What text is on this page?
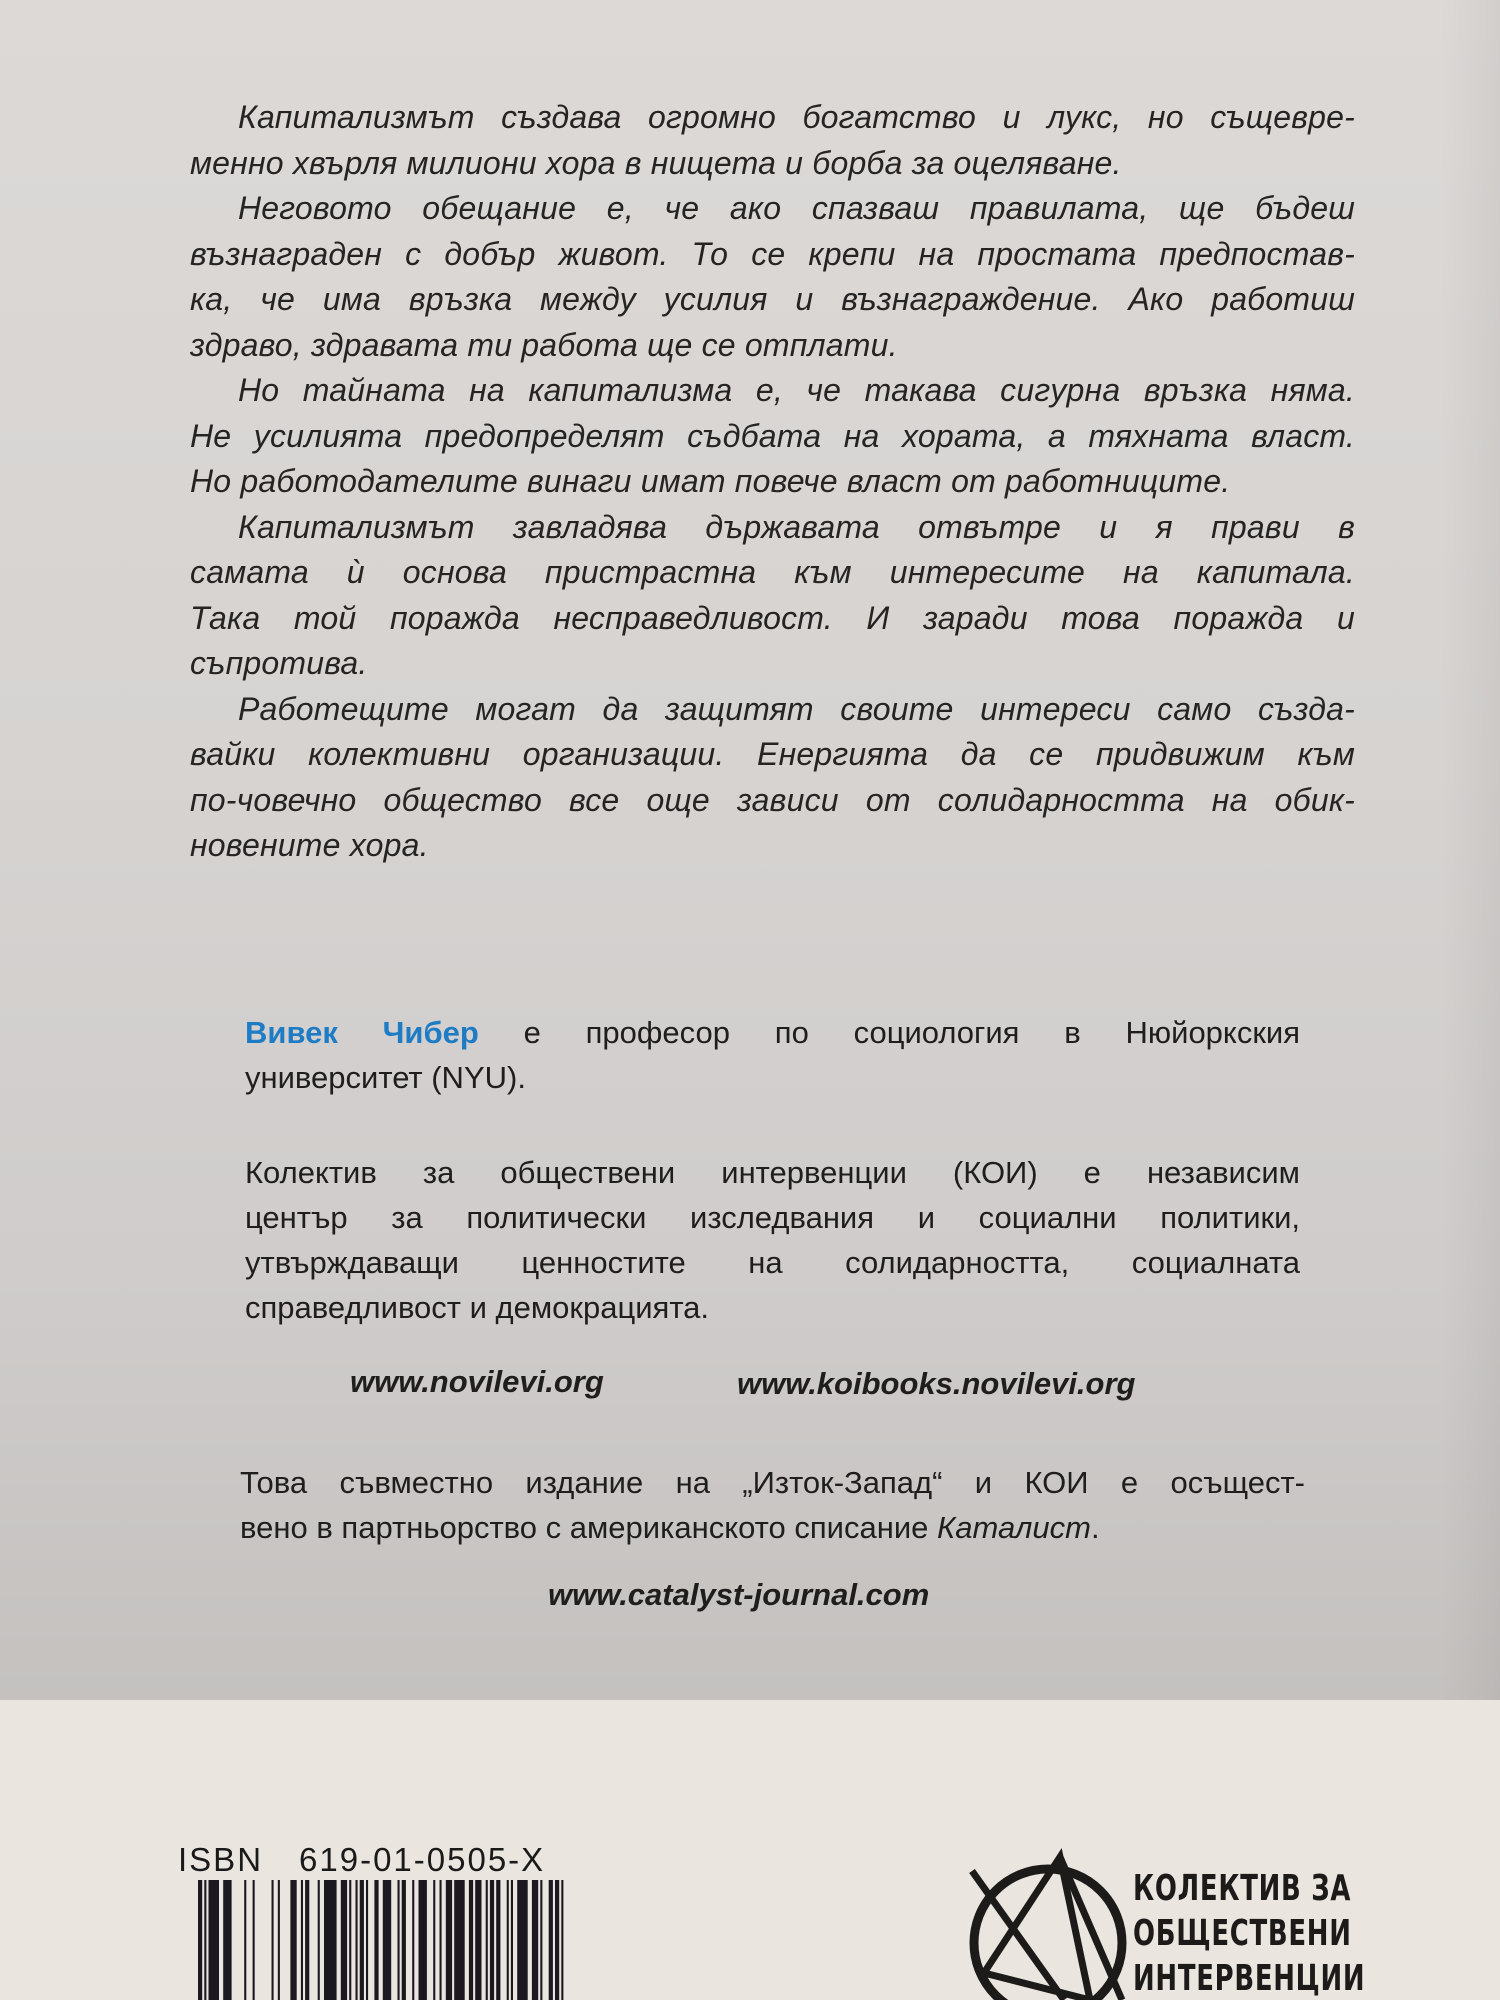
Капитализмът създава огромно богатство и лукс, но същевре-
менно хвърля милиони хора в нищета и борба за оцеляване.
Неговото обещание е, че ако спазваш правилата, ще бъдеш
възнаграден с добър живот. То се крепи на простата предпостав-
ка, че има връзка между усилия и възнаграждение. Ако работиш
здраво, здравата ти работа ще се отплати.
Но тайната на капитализма е, че такава сигурна връзка няма.
Не усилията предопределят съдбата на хората, а тяхната власт.
Но работодателите винаги имат повече власт от работниците.
Капитализмът завладява държавата отвътре и я прави в
самата ѝ основа пристрастна към интересите на капитала.
Така той поражда несправедливост. И заради това поражда и
съпротива.
Работещите могат да защитят своите интереси само създа-
вайки колективни организации. Енергията да се придвижим към
по-човечно общество все още зависи от солидарността на обик-
новените хора.
Вивек Чибер е професор по социология в Нюйоркския
университет (NYU).
Колектив за обществени интервенции (КОИ) е независим
център за политически изследвания и социални политики,
утвърждаващи ценностите на солидарността, социалната
справедливост и демокрацията.
www.novilevi.org	www.koibooks.novilevi.org
Това съвместно издание на „Изток-Запад“ и КОИ е осъщест-
вено в партньорство с американското списание Каталист.
www.catalyst-journal.com
ISBN 619-01-0505-X
КОЛЕКТИВ ЗА
ОБЩЕСТВЕНИ
ИНТЕРВЕНЦИИ
